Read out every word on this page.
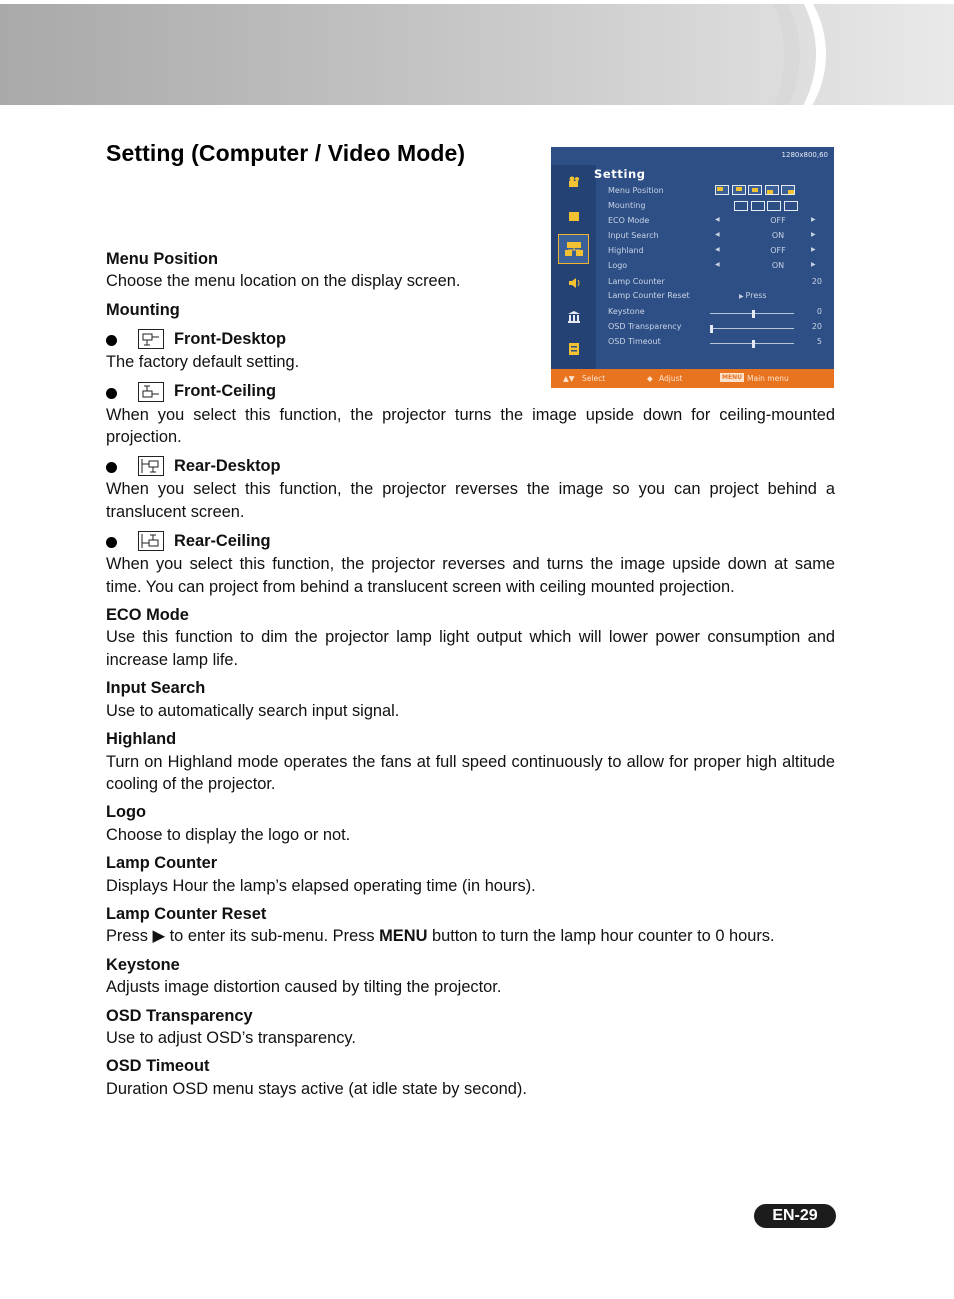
Setting (Computer / Video Mode)	1280x800,60
Setting
Menu Position
Mounting
ECO Mode	◀	OFF	▶
Input Search	◀	ON	▶
Highland	◀	OFF	▶
Logo	◀	ON	▶
Lamp Counter	20
Lamp Counter Reset	▶ Press
Keystone	0
OSD Transparency	20
OSD Timeout	5
▲▼ Select	◆ Adjust	MENU Main menu
Menu Position

Choose the menu location on the display screen.

Mounting
Front-Desktop

The factory default setting.

Front-Ceiling

When you select this function, the projector turns the image upside down for ceiling-mounted projection.

Rear-Desktop

When you select this function, the projector reverses the image so you can project behind a translucent screen.

Rear-Ceiling

When you select this function, the projector reverses and turns the image upside down at same time. You can project from behind a translucent screen with ceiling mounted projection.

ECO Mode

Use this function to dim the projector lamp light output which will lower power consumption and increase lamp life.

Input Search

Use to automatically search input signal.

Highland

Turn on Highland mode operates the fans at full speed continuously to allow for proper high altitude cooling of the projector.

Logo

Choose to display the logo or not.

Lamp Counter

Displays Hour the lamp’s elapsed operating time (in hours).

Lamp Counter Reset

Press ▶ to enter its sub-menu. Press MENU button to turn the lamp hour counter to 0 hours.

Keystone

Adjusts image distortion caused by tilting the projector.

OSD Transparency

Use to adjust OSD’s transparency.

OSD Timeout

Duration OSD menu stays active (at idle state by second).

EN-29
